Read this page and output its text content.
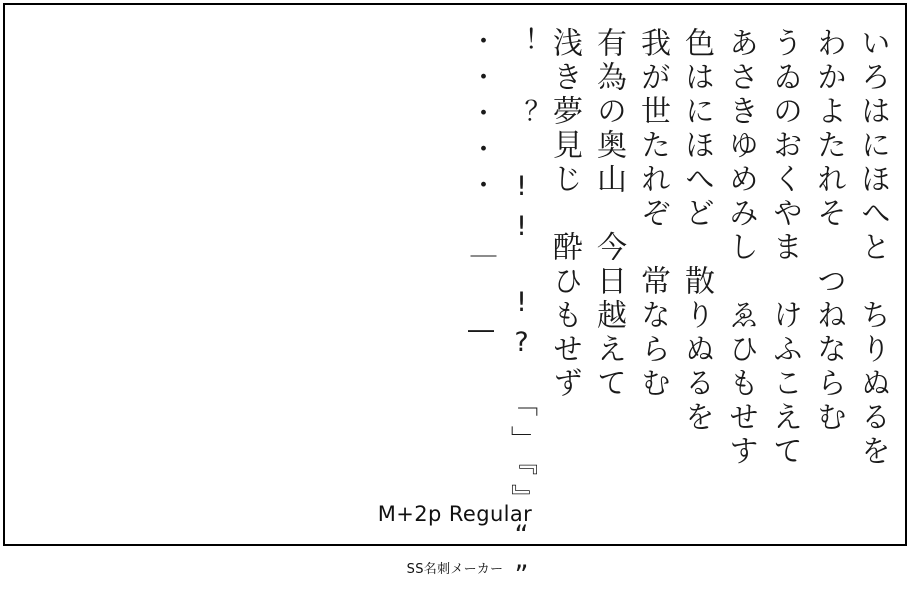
・・・・・　｜　― ！　？　!!　!?　「」『』“” 浅き夢見じ　酔ひもせず 有為の奥山　今日越えて 我が世たれぞ　常ならむ 色はにほへど　散りぬるを あさきゆめみし　ゑひもせす うゐのおくやま　けふこえて わかよたれそ　つねならむ いろはにほへと　ちりぬるを
M+2p Regular
SS名刺メーカー
